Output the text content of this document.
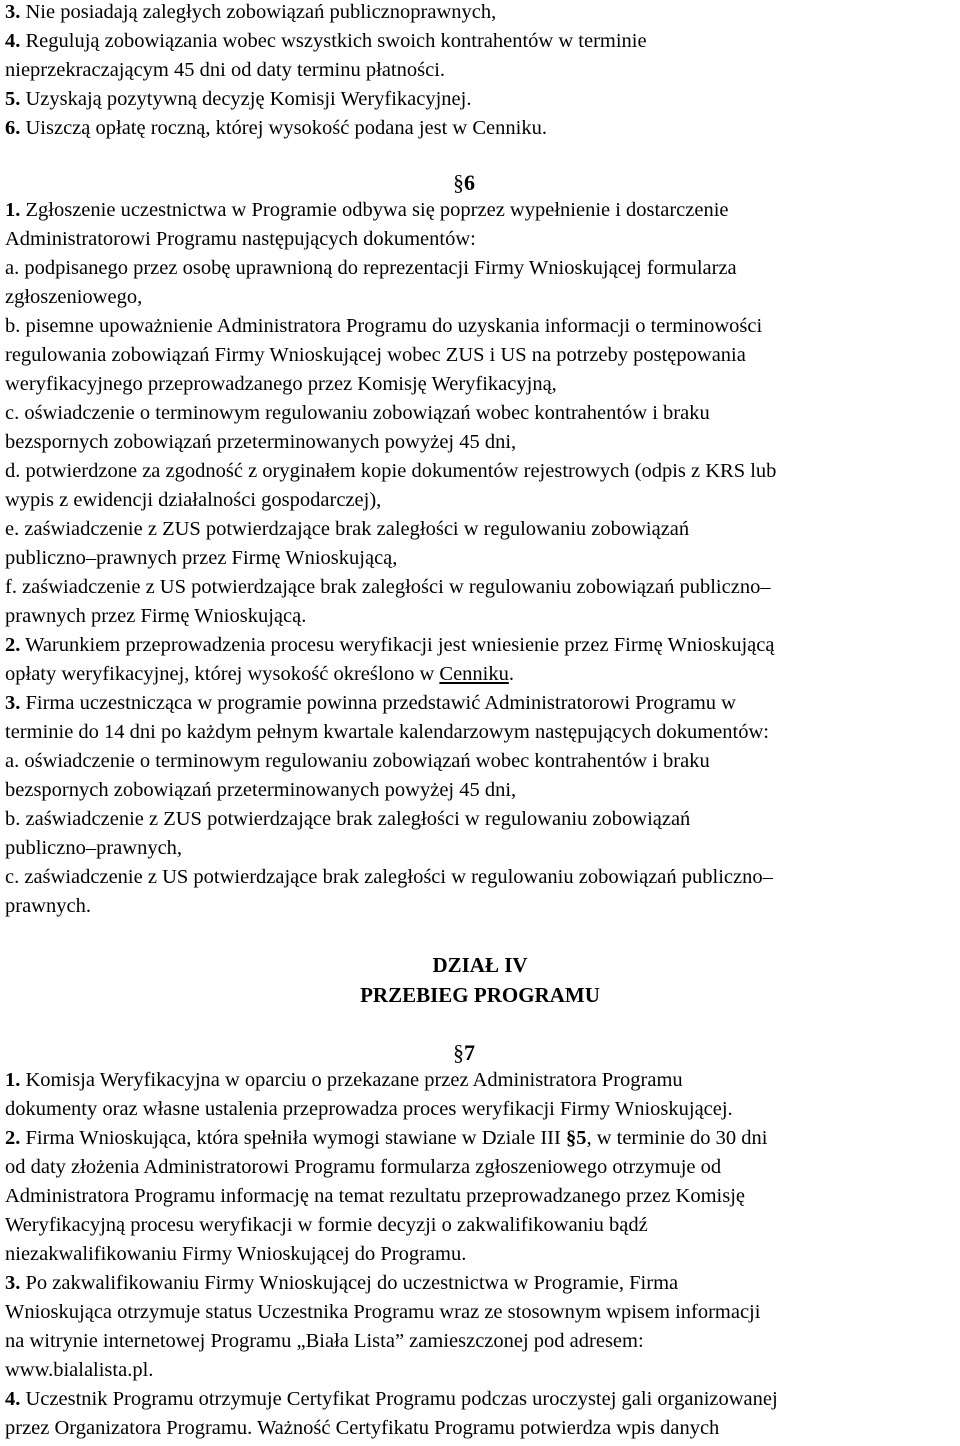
3. Nie posiadają zaległych zobowiązań publicznoprawnych,
4. Regulują zobowiązania wobec wszystkich swoich kontrahentów w terminie
nieprzekraczającym 45 dni od daty terminu płatności.
5. Uzyskają pozytywną decyzję Komisji Weryfikacyjnej.
6. Uiszczą opłatę roczną, której wysokość podana jest w Cenniku.
§6
1. Zgłoszenie uczestnictwa w Programie odbywa się poprzez wypełnienie i dostarczenie
Administratorowi Programu następujących dokumentów:
a. podpisanego przez osobę uprawnioną do reprezentacji Firmy Wnioskującej formularza
zgłoszeniowego,
b. pisemne upoważnienie Administratora Programu do uzyskania informacji o terminowości
regulowania zobowiązań Firmy Wnioskującej wobec ZUS i US na potrzeby postępowania
weryfikacyjnego przeprowadzanego przez Komisję Weryfikacyjną,
c. oświadczenie o terminowym regulowaniu zobowiązań wobec kontrahentów i braku
bezspornych zobowiązań przeterminowanych powyżej 45 dni,
d. potwierdzone za zgodność z oryginałem kopie dokumentów rejestrowych (odpis z KRS lub
wypis z ewidencji działalności gospodarczej),
e. zaświadczenie z ZUS potwierdzające brak zaległości w regulowaniu zobowiązań
publiczno–prawnych przez Firmę Wnioskującą,
f. zaświadczenie z US potwierdzające brak zaległości w regulowaniu zobowiązań publiczno–
prawnych przez Firmę Wnioskującą.
2. Warunkiem przeprowadzenia procesu weryfikacji jest wniesienie przez Firmę Wnioskującą
opłaty weryfikacyjnej, której wysokość określono w Cenniku.
3. Firma uczestnicząca w programie powinna przedstawić Administratorowi Programu w
terminie do 14 dni po każdym pełnym kwartale kalendarzowym następujących dokumentów:
a. oświadczenie o terminowym regulowaniu zobowiązań wobec kontrahentów i braku
bezspornych zobowiązań przeterminowanych powyżej 45 dni,
b. zaświadczenie z ZUS potwierdzające brak zaległości w regulowaniu zobowiązań
publiczno–prawnych,
c. zaświadczenie z US potwierdzające brak zaległości w regulowaniu zobowiązań publiczno–
prawnych.
DZIAŁ IV
PRZEBIEG PROGRAMU
§7
1. Komisja Weryfikacyjna w oparciu o przekazane przez Administratora Programu
dokumenty oraz własne ustalenia przeprowadza proces weryfikacji Firmy Wnioskującej.
2. Firma Wnioskująca, która spełniła wymogi stawiane w Dziale III §5, w terminie do 30 dni
od daty złożenia Administratorowi Programu formularza zgłoszeniowego otrzymuje od
Administratora Programu informację na temat rezultatu przeprowadzanego przez Komisję
Weryfikacyjną procesu weryfikacji w formie decyzji o zakwalifikowaniu bądź
niezakwalifikowaniu Firmy Wnioskującej do Programu.
3. Po zakwalifikowaniu Firmy Wnioskującej do uczestnictwa w Programie, Firma
Wnioskująca otrzymuje status Uczestnika Programu wraz ze stosownym wpisem informacji
na witrynie internetowej Programu „Biała Lista” zamieszczonej pod adresem:
www.bialalista.pl.
4. Uczestnik Programu otrzymuje Certyfikat Programu podczas uroczystej gali organizowanej
przez Organizatora Programu. Ważność Certyfikatu Programu potwierdza wpis danych
